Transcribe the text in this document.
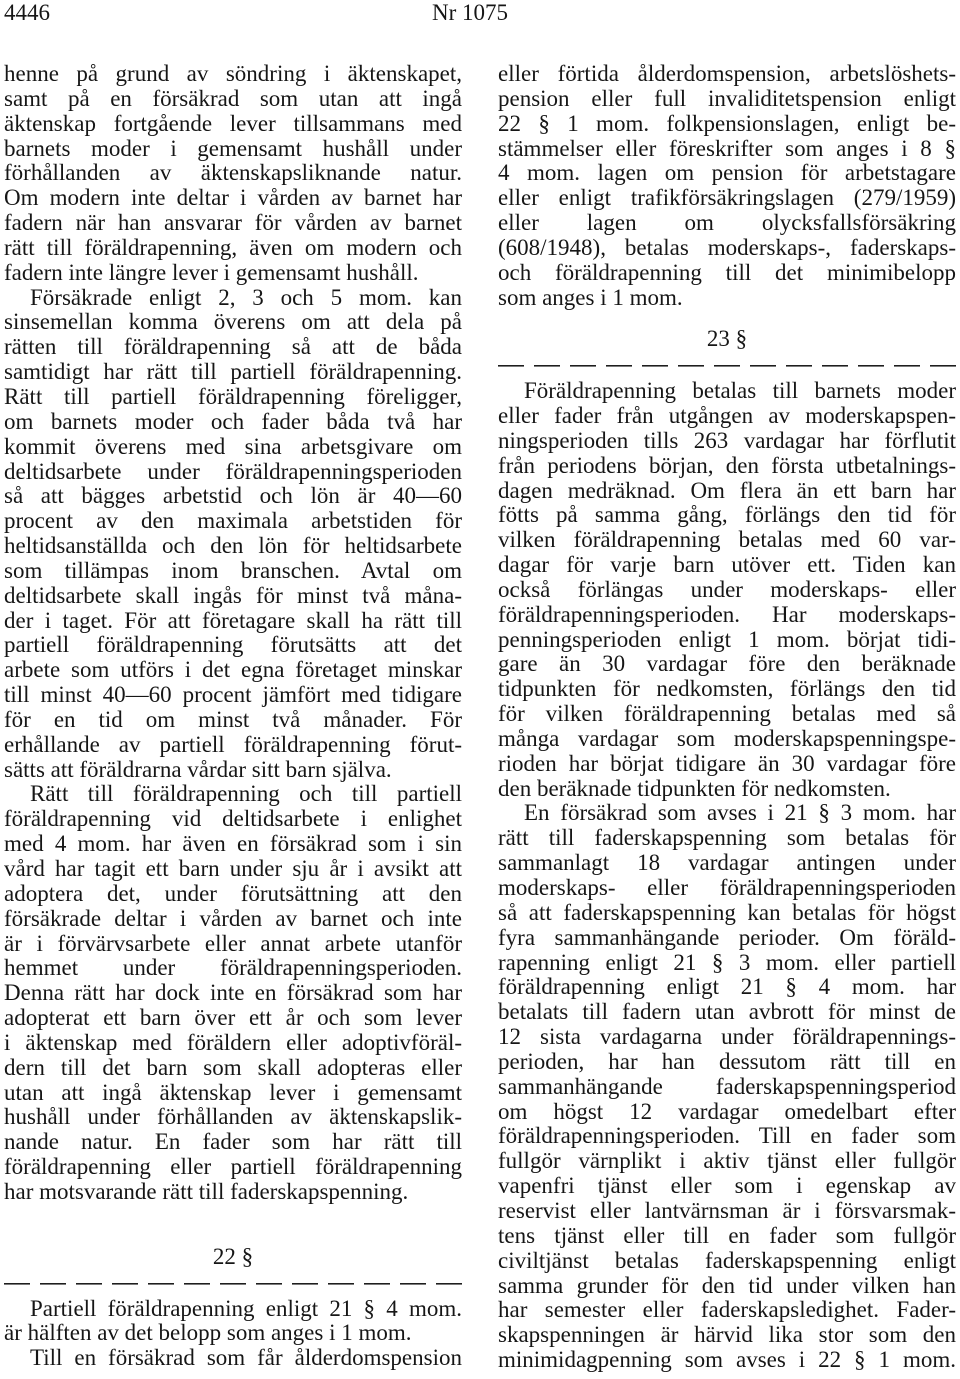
4446	Nr 1075
henne på grund av söndring i äktenskapet,
samt på en försäkrad som utan att ingå
äktenskap fortgående lever tillsammans med
barnets moder i gemensamt hushåll under
förhållanden av äktenskapsliknande natur.
Om modern inte deltar i vården av barnet har
fadern när han ansvarar för vården av barnet
rätt till föräldrapenning, även om modern och
fadern inte längre lever i gemensamt hushåll.
Försäkrade enligt 2, 3 och 5 mom. kan
sinsemellan komma överens om att dela på
rätten till föräldrapenning så att de båda
samtidigt har rätt till partiell föräldrapenning.
Rätt till partiell föräldrapenning föreligger,
om barnets moder och fader båda två har
kommit överens med sina arbetsgivare om
deltidsarbete under föräldrapenningsperioden
så att bägges arbetstid och lön är 40—60
procent av den maximala arbetstiden för
heltidsanställda och den lön för heltidsarbete
som tillämpas inom branschen. Avtal om
deltidsarbete skall ingås för minst två måna-
der i taget. För att företagare skall ha rätt till
partiell föräldrapenning förutsätts att det
arbete som utförs i det egna företaget minskar
till minst 40—60 procent jämfört med tidigare
för en tid om minst två månader. För
erhållande av partiell föräldrapenning förut-
sätts att föräldrarna vårdar sitt barn själva.
Rätt till föräldrapenning och till partiell
föräldrapenning vid deltidsarbete i enlighet
med 4 mom. har även en försäkrad som i sin
vård har tagit ett barn under sju år i avsikt att
adoptera det, under förutsättning att den
försäkrade deltar i vården av barnet och inte
är i förvärvsarbete eller annat arbete utanför
hemmet under föräldrapenningsperioden.
Denna rätt har dock inte en försäkrad som har
adopterat ett barn över ett år och som lever
i äktenskap med föräldern eller adoptivföräl-
dern till det barn som skall adopteras eller
utan att ingå äktenskap lever i gemensamt
hushåll under förhållanden av äktenskapslik-
nande natur. En fader som har rätt till
föräldrapenning eller partiell föräldrapenning
har motsvarande rätt till faderskapspenning.
22 §
Partiell föräldrapenning enligt 21 § 4 mom.
är hälften av det belopp som anges i 1 mom.
Till en försäkrad som får ålderdomspension
eller förtida ålderdomspension, arbetslöshets-
pension eller full invaliditetspension enligt
22 § 1 mom. folkpensionslagen, enligt be-
stämmelser eller föreskrifter som anges i 8 §
4 mom. lagen om pension för arbetstagare
eller enligt trafikförsäkringslagen (279/1959)
eller lagen om olycksfallsförsäkring
(608/1948), betalas moderskaps-, faderskaps-
och föräldrapenning till det minimibelopp
som anges i 1 mom.
23 §
Föräldrapenning betalas till barnets moder
eller fader från utgången av moderskapspen-
ningsperioden tills 263 vardagar har förflutit
från periodens början, den första utbetalnings-
dagen medräknad. Om flera än ett barn har
fötts på samma gång, förlängs den tid för
vilken föräldrapenning betalas med 60 var-
dagar för varje barn utöver ett. Tiden kan
också förlängas under moderskaps- eller
föräldrapenningsperioden. Har moderskaps-
penningsperioden enligt 1 mom. börjat tidi-
gare än 30 vardagar före den beräknade
tidpunkten för nedkomsten, förlängs den tid
för vilken föräldrapenning betalas med så
många vardagar som moderskapspenningspe-
rioden har börjat tidigare än 30 vardagar före
den beräknade tidpunkten för nedkomsten.
En försäkrad som avses i 21 § 3 mom. har
rätt till faderskapspenning som betalas för
sammanlagt 18 vardagar antingen under
moderskaps- eller föräldrapenningsperioden
så att faderskapspenning kan betalas för högst
fyra sammanhängande perioder. Om föräld-
rapenning enligt 21 § 3 mom. eller partiell
föräldrapenning enligt 21 § 4 mom. har
betalats till fadern utan avbrott för minst de
12 sista vardagarna under föräldrapennings-
perioden, har han dessutom rätt till en
sammanhängande faderskapspenningsperiod
om högst 12 vardagar omedelbart efter
föräldrapenningsperioden. Till en fader som
fullgör värnplikt i aktiv tjänst eller fullgör
vapenfri tjänst eller som i egenskap av
reservist eller lantvärnsman är i försvarsmak-
tens tjänst eller till en fader som fullgör
civiltjänst betalas faderskapspenning enligt
samma grunder för den tid under vilken han
har semester eller faderskapsledighet. Fader-
skapspenningen är härvid lika stor som den
minimidagpenning som avses i 22 § 1 mom.
